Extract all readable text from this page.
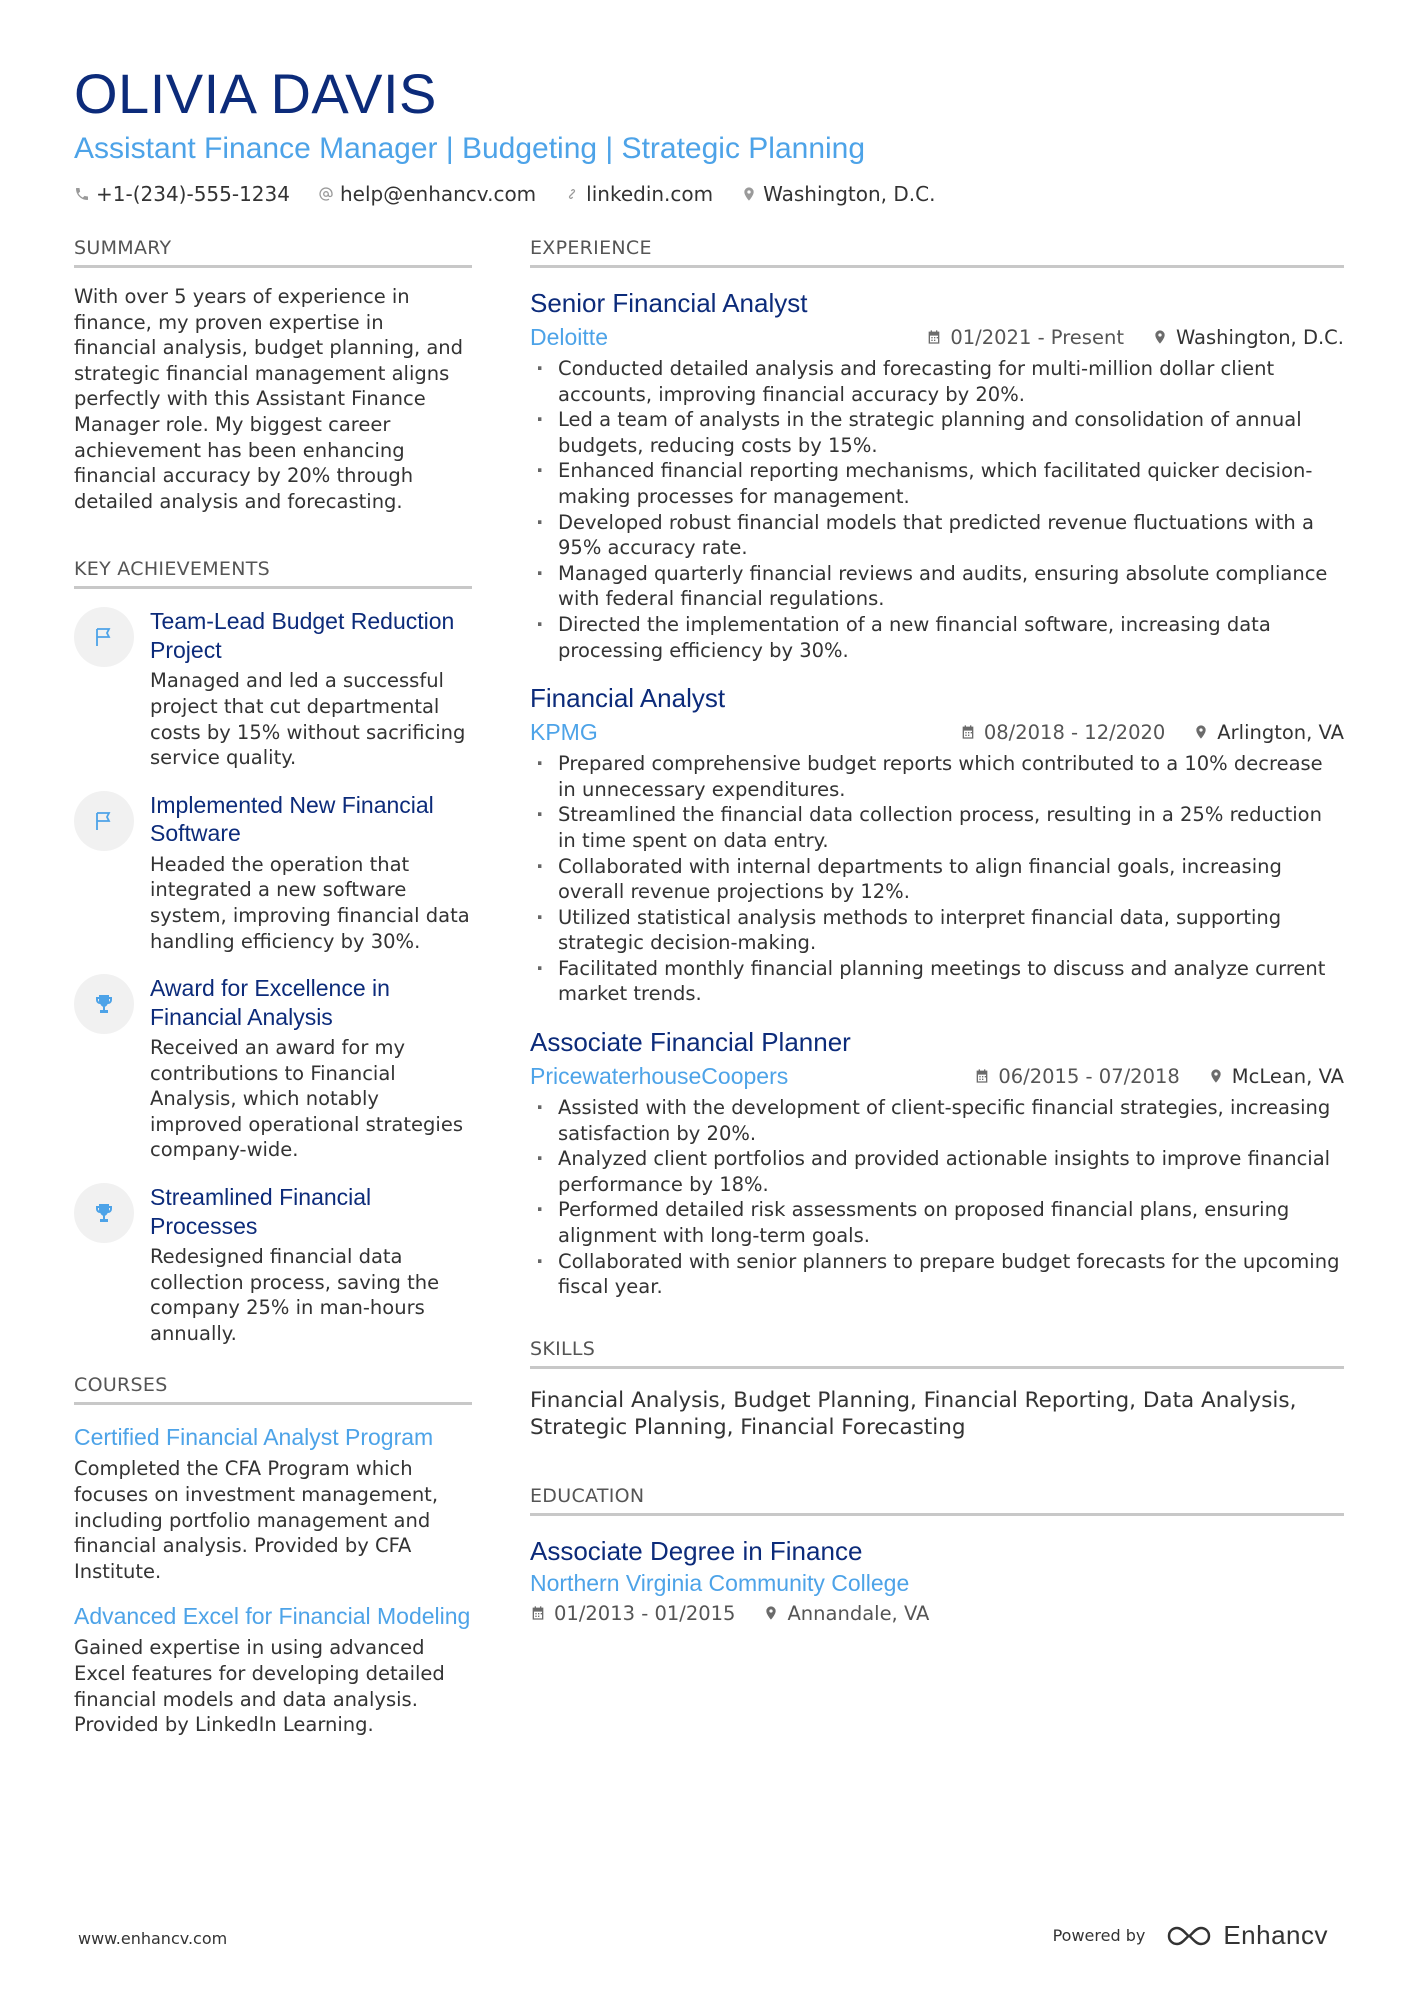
OLIVIA DAVIS
Assistant Finance Manager | Budgeting | Strategic Planning
+1-(234)-555-1234	help@enhancv.com	linkedin.com	Washington, D.C.
SUMMARY
With over 5 years of experience in finance, my proven expertise in financial analysis, budget planning, and strategic financial management aligns perfectly with this Assistant Finance Manager role. My biggest career achievement has been enhancing financial accuracy by 20% through detailed analysis and forecasting.
KEY ACHIEVEMENTS
Team-Lead Budget Reduction Project
Managed and led a successful project that cut departmental costs by 15% without sacrificing service quality.
Implemented New Financial Software
Headed the operation that integrated a new software system, improving financial data handling efficiency by 30%.
Award for Excellence in Financial Analysis
Received an award for my contributions to Financial Analysis, which notably improved operational strategies company-wide.
Streamlined Financial Processes
Redesigned financial data collection process, saving the company 25% in man-hours annually.
COURSES
Certified Financial Analyst Program
Completed the CFA Program which focuses on investment management, including portfolio management and financial analysis. Provided by CFA Institute.
Advanced Excel for Financial Modeling
Gained expertise in using advanced Excel features for developing detailed financial models and data analysis. Provided by LinkedIn Learning.
EXPERIENCE
Senior Financial Analyst
Deloitte	01/2021 - Present	Washington, D.C.
· Conducted detailed analysis and forecasting for multi-million dollar client accounts, improving financial accuracy by 20%.
· Led a team of analysts in the strategic planning and consolidation of annual budgets, reducing costs by 15%.
· Enhanced financial reporting mechanisms, which facilitated quicker decision-making processes for management.
· Developed robust financial models that predicted revenue fluctuations with a 95% accuracy rate.
· Managed quarterly financial reviews and audits, ensuring absolute compliance with federal financial regulations.
· Directed the implementation of a new financial software, increasing data processing efficiency by 30%.
Financial Analyst
KPMG	08/2018 - 12/2020	Arlington, VA
· Prepared comprehensive budget reports which contributed to a 10% decrease in unnecessary expenditures.
· Streamlined the financial data collection process, resulting in a 25% reduction in time spent on data entry.
· Collaborated with internal departments to align financial goals, increasing overall revenue projections by 12%.
· Utilized statistical analysis methods to interpret financial data, supporting strategic decision-making.
· Facilitated monthly financial planning meetings to discuss and analyze current market trends.
Associate Financial Planner
PricewaterhouseCoopers	06/2015 - 07/2018	McLean, VA
· Assisted with the development of client-specific financial strategies, increasing satisfaction by 20%.
· Analyzed client portfolios and provided actionable insights to improve financial performance by 18%.
· Performed detailed risk assessments on proposed financial plans, ensuring alignment with long-term goals.
· Collaborated with senior planners to prepare budget forecasts for the upcoming fiscal year.
SKILLS
Financial Analysis, Budget Planning, Financial Reporting, Data Analysis, Strategic Planning, Financial Forecasting
EDUCATION
Associate Degree in Finance
Northern Virginia Community College
01/2013 - 01/2015	Annandale, VA
www.enhancv.com	Powered by	Enhancv
